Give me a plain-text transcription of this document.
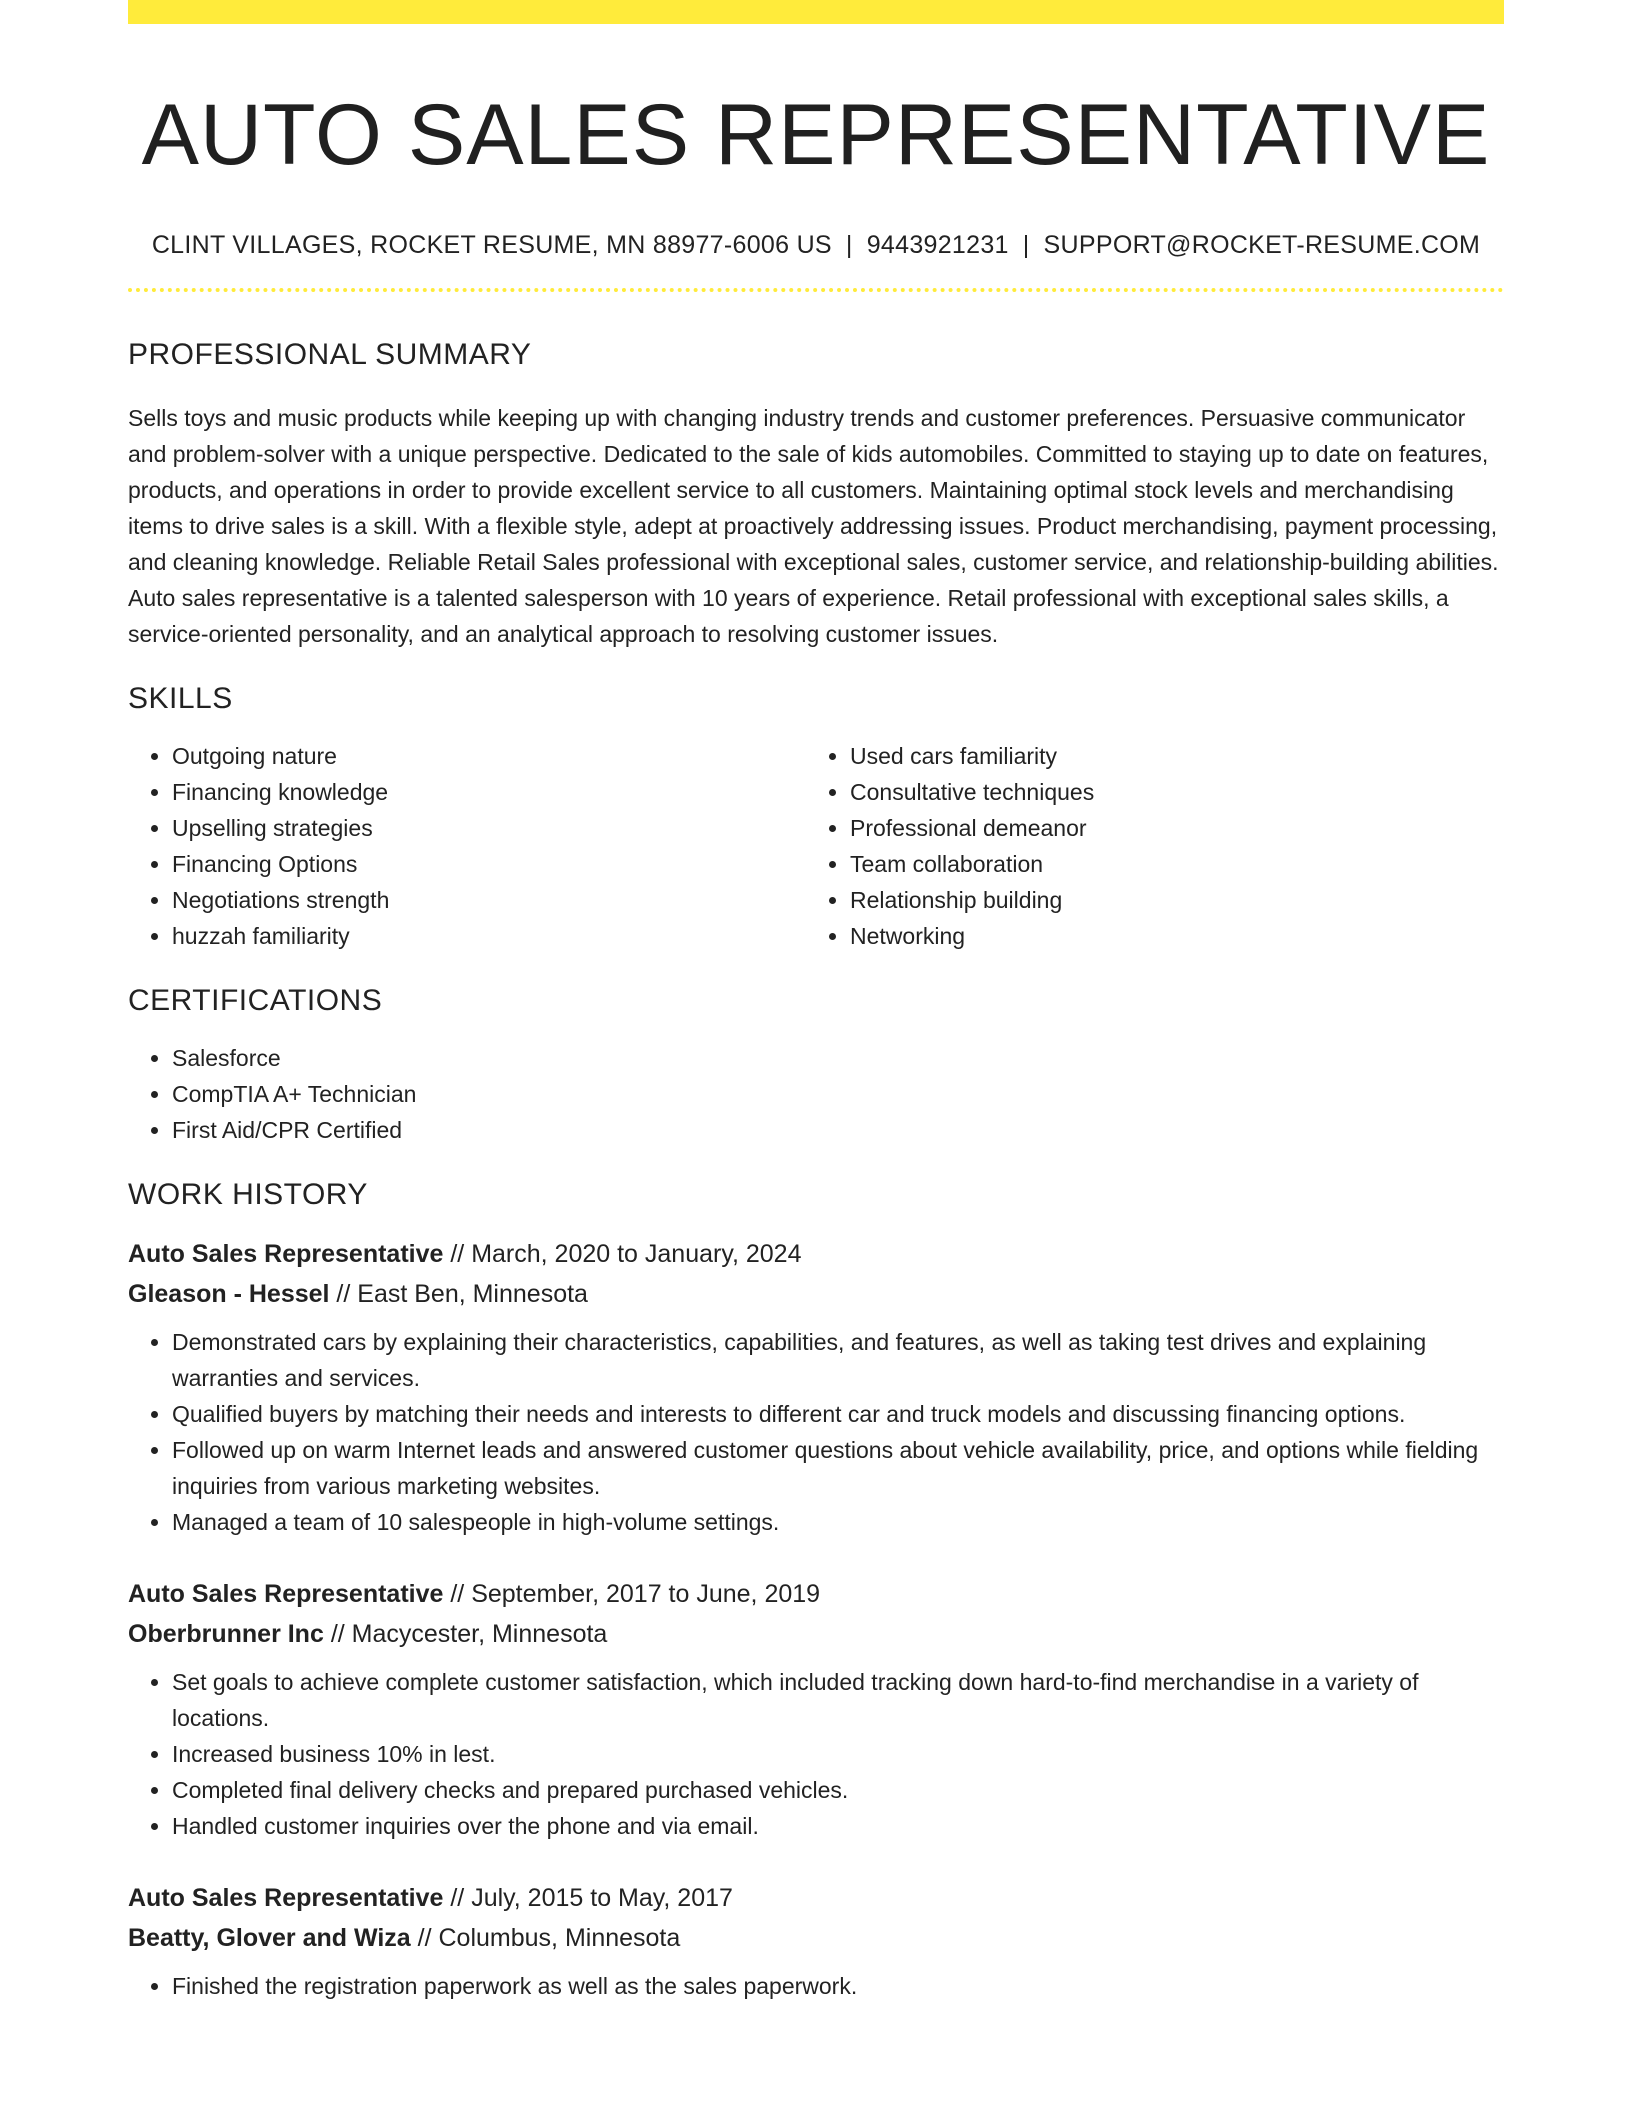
AUTO SALES REPRESENTATIVE
CLINT VILLAGES, ROCKET RESUME, MN 88977-6006 US | 9443921231 | SUPPORT@ROCKET-RESUME.COM
PROFESSIONAL SUMMARY

Sells toys and music products while keeping up with changing industry trends and customer preferences. Persuasive communicator and problem-solver with a unique perspective. Dedicated to the sale of kids automobiles. Committed to staying up to date on features, products, and operations in order to provide excellent service to all customers. Maintaining optimal stock levels and merchandising items to drive sales is a skill. With a flexible style, adept at proactively addressing issues. Product merchandising, payment processing, and cleaning knowledge. Reliable Retail Sales professional with exceptional sales, customer service, and relationship-building abilities. Auto sales representative is a talented salesperson with 10 years of experience. Retail professional with exceptional sales skills, a service-oriented personality, and an analytical approach to resolving customer issues.

SKILLS
• Outgoing nature
• Financing knowledge
• Upselling strategies
• Financing Options
• Negotiations strength
• huzzah familiarity
• Used cars familiarity
• Consultative techniques
• Professional demeanor
• Team collaboration
• Relationship building
• Networking
CERTIFICATIONS
• Salesforce
• CompTIA A+ Technician
• First Aid/CPR Certified
WORK HISTORY
Auto Sales Representative // March, 2020 to January, 2024
Gleason - Hessel // East Ben, Minnesota
• Demonstrated cars by explaining their characteristics, capabilities, and features, as well as taking test drives and explaining warranties and services.
• Qualified buyers by matching their needs and interests to different car and truck models and discussing financing options.
• Followed up on warm Internet leads and answered customer questions about vehicle availability, price, and options while fielding inquiries from various marketing websites.
• Managed a team of 10 salespeople in high-volume settings.
Auto Sales Representative // September, 2017 to June, 2019
Oberbrunner Inc // Macycester, Minnesota
• Set goals to achieve complete customer satisfaction, which included tracking down hard-to-find merchandise in a variety of locations.
• Increased business 10% in lest.
• Completed final delivery checks and prepared purchased vehicles.
• Handled customer inquiries over the phone and via email.
Auto Sales Representative // July, 2015 to May, 2017
Beatty, Glover and Wiza // Columbus, Minnesota
• Finished the registration paperwork as well as the sales paperwork.
